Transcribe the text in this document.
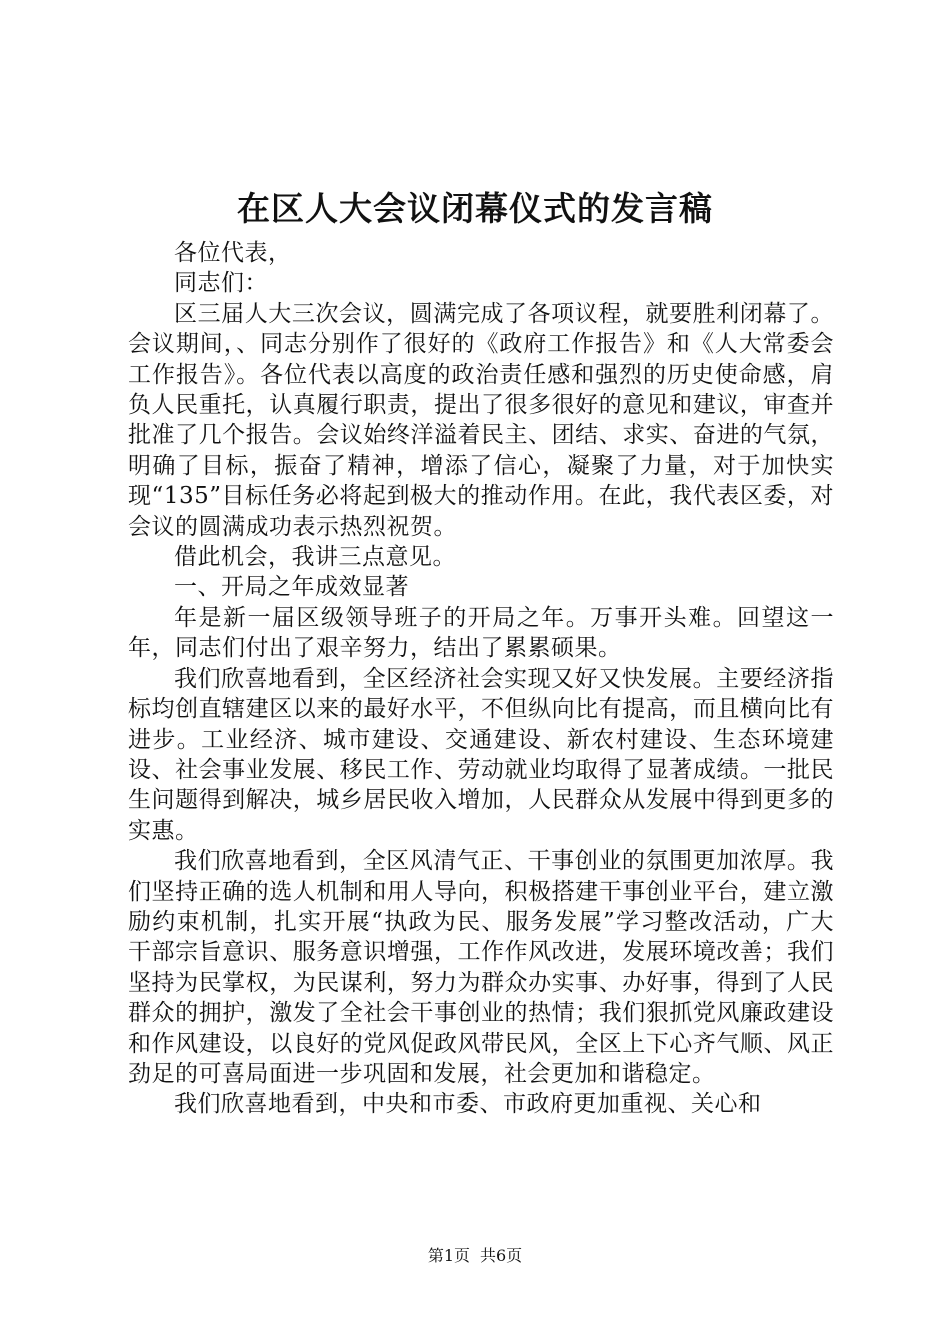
在区人大会议闭幕仪式的发言稿

各位代表，

同志们：

区三届人大三次会议，圆满完成了各项议程，就要胜利闭幕了。会议期间，、同志分别作了很好的《政府工作报告》和《人大常委会工作报告》。各位代表以高度的政治责任感和强烈的历史使命感，肩负人民重托，认真履行职责，提出了很多很好的意见和建议，审查并批准了几个报告。会议始终洋溢着民主、团结、求实、奋进的气氛，明确了目标，振奋了精神，增添了信心，凝聚了力量，对于加快实现“135”目标任务必将起到极大的推动作用。在此，我代表区委，对会议的圆满成功表示热烈祝贺。

借此机会，我讲三点意见。

一、开局之年成效显著

年是新一届区级领导班子的开局之年。万事开头难。回望这一年，同志们付出了艰辛努力，结出了累累硕果。

我们欣喜地看到，全区经济社会实现又好又快发展。主要经济指标均创直辖建区以来的最好水平，不但纵向比有提高，而且横向比有进步。工业经济、城市建设、交通建设、新农村建设、生态环境建设、社会事业发展、移民工作、劳动就业均取得了显著成绩。一批民生问题得到解决，城乡居民收入增加，人民群众从发展中得到更多的实惠。

我们欣喜地看到，全区风清气正、干事创业的氛围更加浓厚。我们坚持正确的选人机制和用人导向，积极搭建干事创业平台，建立激励约束机制，扎实开展“执政为民、服务发展”学习整改活动，广大干部宗旨意识、服务意识增强，工作作风改进，发展环境改善；我们坚持为民掌权，为民谋利，努力为群众办实事、办好事，得到了人民群众的拥护，激发了全社会干事创业的热情；我们狠抓党风廉政建设和作风建设，以良好的党风促政风带民风，全区上下心齐气顺、风正劲足的可喜局面进一步巩固和发展，社会更加和谐稳定。

我们欣喜地看到，中央和市委、市政府更加重视、关心和

第1页 共6页
